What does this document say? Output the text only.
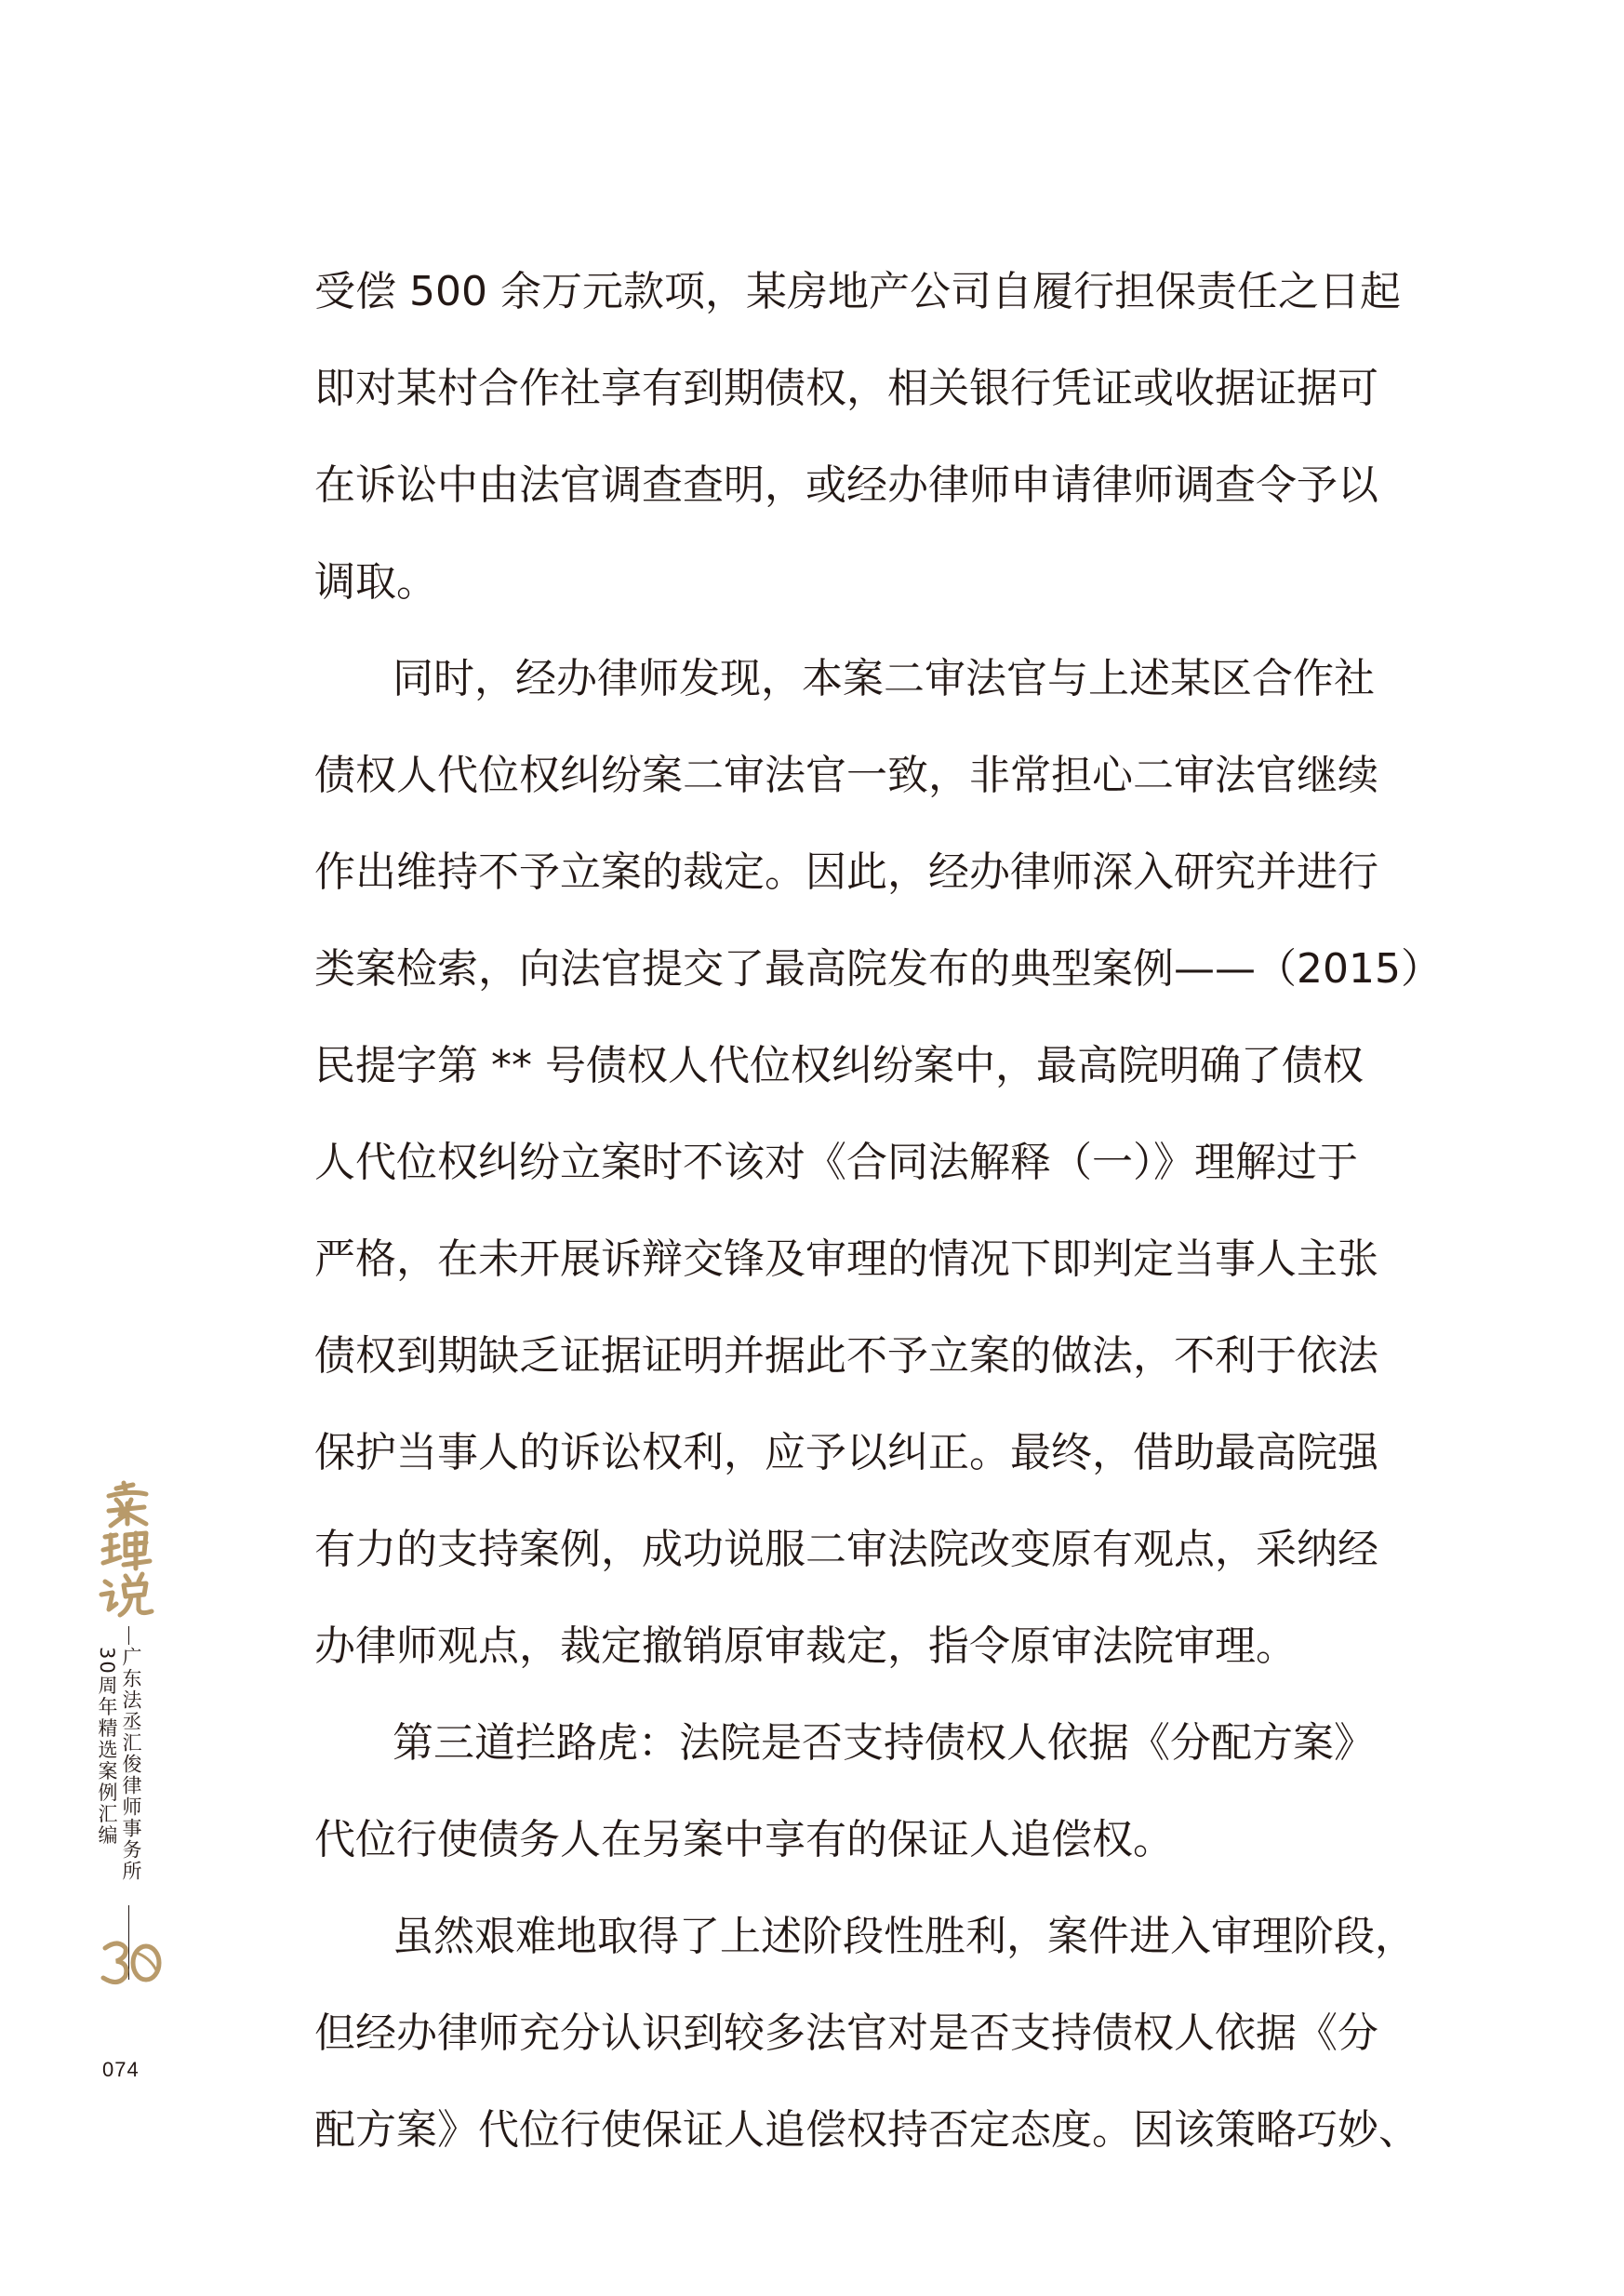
受偿 500 余万元款项，某房地产公司自履行担保责任之日起
即对某村合作社享有到期债权，相关银行凭证或收据证据可
在诉讼中由法官调查查明，或经办律师申请律师调查令予以
调取。
同时，经办律师发现，本案二审法官与上述某区合作社
债权人代位权纠纷案二审法官一致，非常担心二审法官继续
作出维持不予立案的裁定。因此，经办律师深入研究并进行
类案检索，向法官提交了最高院发布的典型案例——（2015）
民提字第 ** 号债权人代位权纠纷案中，最高院明确了债权
人代位权纠纷立案时不该对《合同法解释（一）》理解过于
严格，在未开展诉辩交锋及审理的情况下即判定当事人主张
债权到期缺乏证据证明并据此不予立案的做法，不利于依法
保护当事人的诉讼权利，应予以纠正。最终，借助最高院强
有力的支持案例，成功说服二审法院改变原有观点，采纳经
办律师观点，裁定撤销原审裁定，指令原审法院审理。
第三道拦路虎：法院是否支持债权人依据《分配方案》
代位行使债务人在另案中享有的保证人追偿权。
虽然艰难地取得了上述阶段性胜利，案件进入审理阶段，
但经办律师充分认识到较多法官对是否支持债权人依据《分
配方案》代位行使保证人追偿权持否定态度。因该策略巧妙、
广东法丞汇俊律师事务所
30周年精选案例汇编
074
